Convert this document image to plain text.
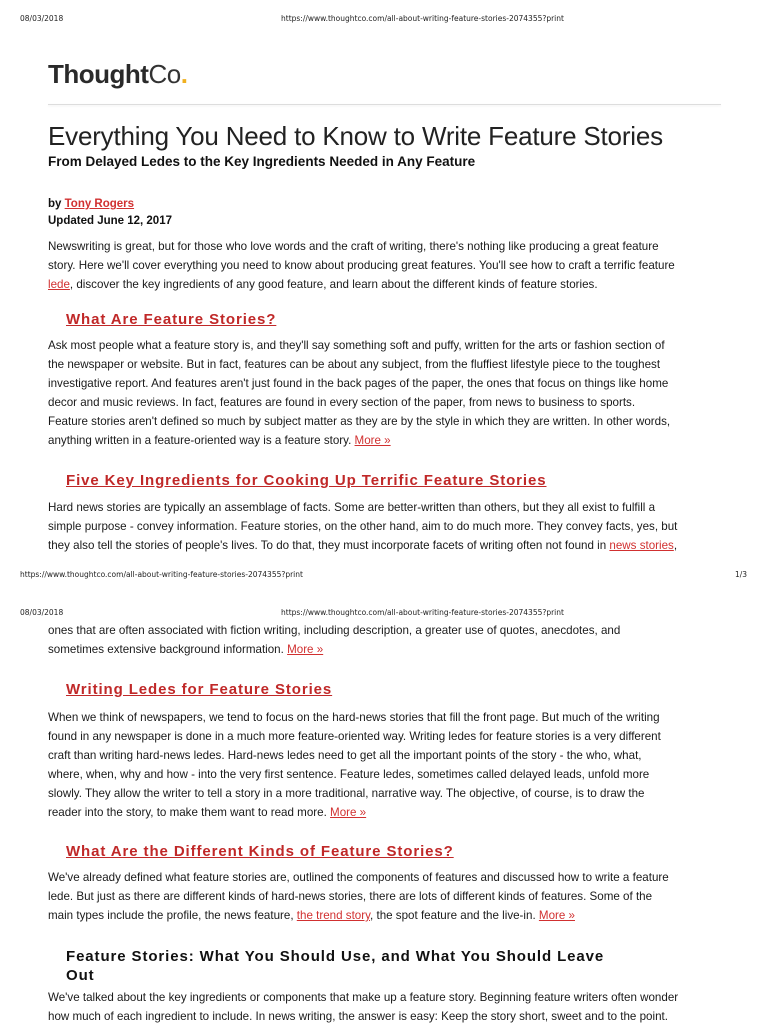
08/03/2018	https://www.thoughtco.com/all-about-writing-feature-stories-2074355?print
ThoughtCo.
Everything You Need to Know to Write Feature Stories
From Delayed Ledes to the Key Ingredients Needed in Any Feature
by Tony Rogers
Updated June 12, 2017
Newswriting is great, but for those who love words and the craft of writing, there's nothing like producing a great feature
story. Here we'll cover everything you need to know about producing great features. You'll see how to craft a terrific feature
lede, discover the key ingredients of any good feature, and learn about the different kinds of feature stories.
What Are Feature Stories?
Ask most people what a feature story is, and they'll say something soft and puffy, written for the arts or fashion section of
the newspaper or website. But in fact, features can be about any subject, from the fluffiest lifestyle piece to the toughest
investigative report. And features aren't just found in the back pages of the paper, the ones that focus on things like home
decor and music reviews. In fact, features are found in every section of the paper, from news to business to sports.
Feature stories aren't defined so much by subject matter as they are by the style in which they are written. In other words,
anything written in a feature-oriented way is a feature story. More »
Five Key Ingredients for Cooking Up Terrific Feature Stories
Hard news stories are typically an assemblage of facts. Some are better-written than others, but they all exist to fulfill a
simple purpose - convey information. Feature stories, on the other hand, aim to do much more. They convey facts, yes, but
they also tell the stories of people's lives. To do that, they must incorporate facets of writing often not found in news stories,
https://www.thoughtco.com/all-about-writing-feature-stories-2074355?print	1/3
08/03/2018	https://www.thoughtco.com/all-about-writing-feature-stories-2074355?print
ones that are often associated with fiction writing, including description, a greater use of quotes, anecdotes, and
sometimes extensive background information. More »
Writing Ledes for Feature Stories
When we think of newspapers, we tend to focus on the hard-news stories that fill the front page. But much of the writing
found in any newspaper is done in a much more feature-oriented way. Writing ledes for feature stories is a very different
craft than writing hard-news ledes. Hard-news ledes need to get all the important points of the story - the who, what,
where, when, why and how - into the very first sentence. Feature ledes, sometimes called delayed leads, unfold more
slowly. They allow the writer to tell a story in a more traditional, narrative way. The objective, of course, is to draw the
reader into the story, to make them want to read more. More »
What Are the Different Kinds of Feature Stories?
We've already defined what feature stories are, outlined the components of features and discussed how to write a feature
lede. But just as there are different kinds of hard-news stories, there are lots of different kinds of features. Some of the
main types include the profile, the news feature, the trend story, the spot feature and the live-in. More »
Feature Stories: What You Should Use, and What You Should Leave
Out
We've talked about the key ingredients or components that make up a feature story. Beginning feature writers often wonder
how much of each ingredient to include. In news writing, the answer is easy: Keep the story short, sweet and to the point.
